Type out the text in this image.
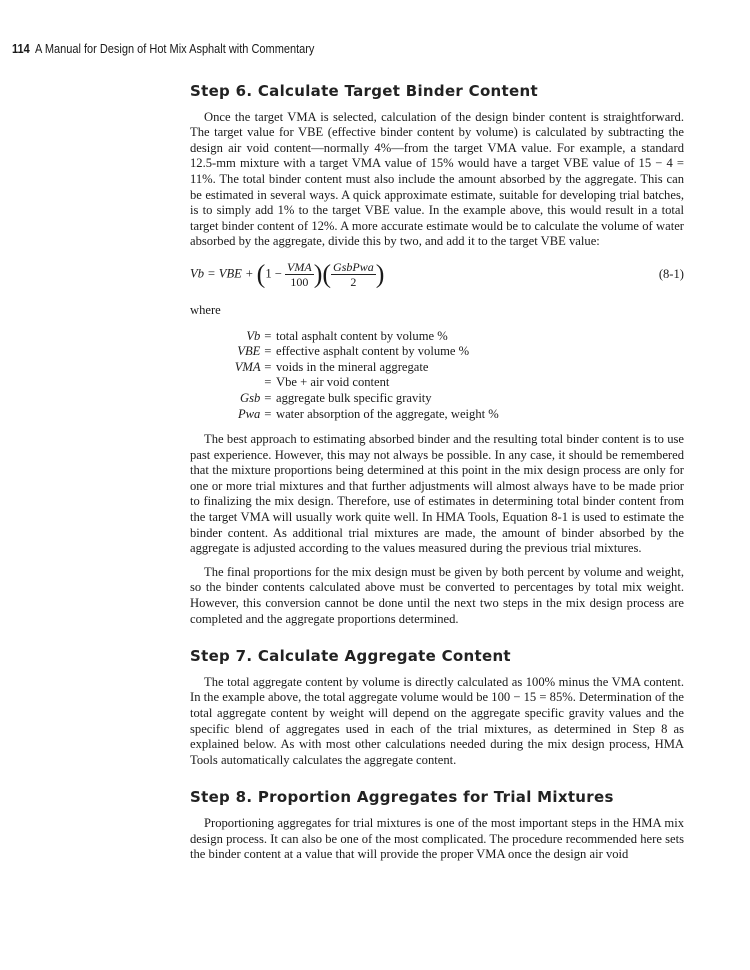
114 A Manual for Design of Hot Mix Asphalt with Commentary
Step 6. Calculate Target Binder Content

Once the target VMA is selected, calculation of the design binder content is straightforward. The target value for VBE (effective binder content by volume) is calculated by subtracting the design air void content—normally 4%—from the target VMA value. For example, a standard 12.5-mm mixture with a target VMA value of 15% would have a target VBE value of 15 − 4 = 11%. The total binder content must also include the amount absorbed by the aggregate. This can be estimated in several ways. A quick approximate estimate, suitable for developing trial batches, is to simply add 1% to the target VBE value. In the example above, this would result in a total target binder content of 12%. A more accurate estimate would be to calculate the volume of water absorbed by the aggregate, divide this by two, and add it to the target VBE value:

Vb = VBE + ($1 - \frac{\text{VMA}}{100}$ )( $\frac{\text{GsbPwa}}{2}$ )	(8-1)
where
Vb = total asphalt content by volume %
VBE = effective asphalt content by volume %
VMA = voids in the mineral aggregate
= Vbe + air void content
Gsb = aggregate bulk specific gravity
Pwa = water absorption of the aggregate, weight %

The best approach to estimating absorbed binder and the resulting total binder content is to use past experience. However, this may not always be possible. In any case, it should be remembered that the mixture proportions being determined at this point in the mix design process are only for one or more trial mixtures and that further adjustments will almost always have to be made prior to finalizing the mix design. Therefore, use of estimates in determining total binder content from the target VMA will usually work quite well. In HMA Tools, Equation 8-1 is used to estimate the binder content. As additional trial mixtures are made, the amount of binder absorbed by the aggregate is adjusted according to the values measured during the previous trial mixtures.

The final proportions for the mix design must be given by both percent by volume and weight, so the binder contents calculated above must be converted to percentages by total mix weight. However, this conversion cannot be done until the next two steps in the mix design process are completed and the aggregate proportions determined.

Step 7. Calculate Aggregate Content

The total aggregate content by volume is directly calculated as 100% minus the VMA content. In the example above, the total aggregate volume would be 100 − 15 = 85%. Determination of the total aggregate content by weight will depend on the aggregate specific gravity values and the specific blend of aggregates used in each of the trial mixtures, as determined in Step 8 as explained below. As with most other calculations needed during the mix design process, HMA Tools automatically calculates the aggregate content.

Step 8. Proportion Aggregates for Trial Mixtures

Proportioning aggregates for trial mixtures is one of the most important steps in the HMA mix design process. It can also be one of the most complicated. The procedure recommended here sets the binder content at a value that will provide the proper VMA once the design air void
